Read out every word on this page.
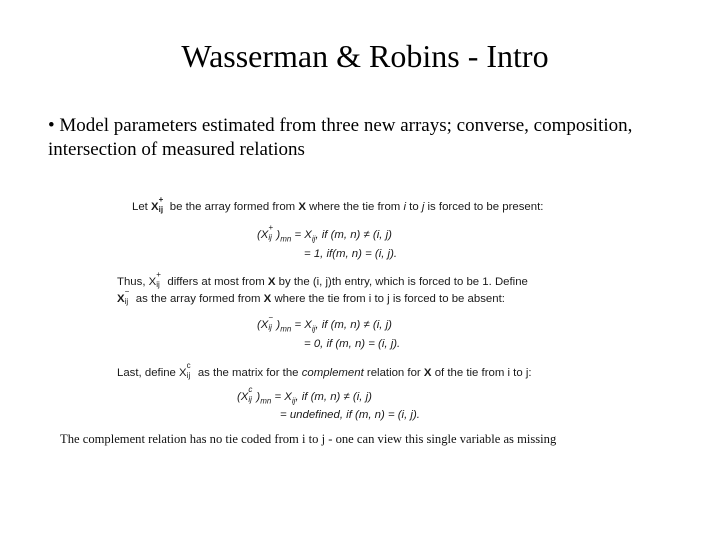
Wasserman & Robins - Intro
• Model parameters estimated from three new arrays; converse, composition, intersection of measured relations
Let X
+
ij be the array formed from X where the tie from i to j is forced to be present:
(X
+
ij )$_{mn} = X_{ij}$, if (m, n) ≠ (i, j)
= 1, if(m, n) = (i, j).
Thus, X
+
ij differs at most from X by the (i, j)th entry, which is forced to be 1. Define
X
−
ij as the array formed from X where the tie from i to j is forced to be absent:
(X
−
ij )$_{mn} = X_{ij}$, if (m, n) ≠ (i, j)
= 0, if (m, n) = (i, j).
Last, define X
c
ij as the matrix for the complement relation for X of the tie from i to j:
(X
c
ij )$_{mn} = X_{ij}$, if (m, n) ≠ (i, j)
= undefined, if (m, n) = (i, j).
The complement relation has no tie coded from i to j - one can view this single variable as missing
